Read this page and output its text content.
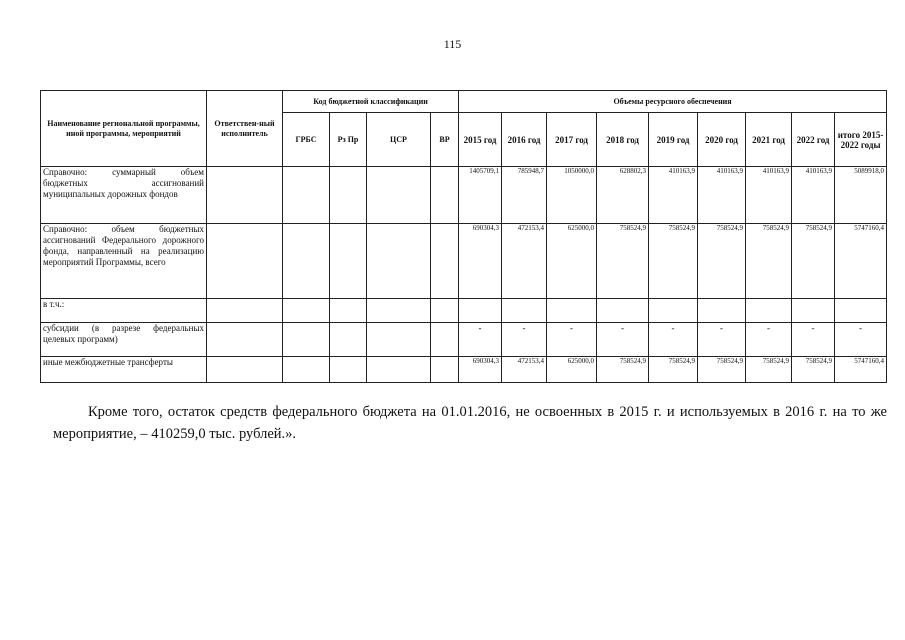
115
Наименование региональной программы, иной программы, мероприятий	Ответствен-ный исполнитель	Код бюджетной классификации				Объемы ресурсного обеспечения								
		ГРБС	Рз Пр	ЦСР	ВР	2015 год	2016 год	2017 год	2018 год	2019 год	2020 год	2021 год	2022 год	итого 2015-2022 годы
Справочно: суммарный объем бюджетных ассигнований муниципальных дорожных фондов						1405709,1	785948,7	1050000,0	628802,3	410163,9	410163,9	410163,9	410163,9	5089918,0
Справочно: объем бюджетных ассигнований Федерального дорожного фонда, направленный на реализацию мероприятий Программы, всего						690304,3	472153,4	625000,0	758524,9	758524,9	758524,9	758524,9	758524,9	5747160,4
в т.ч.:														
субсидии (в разрезе федеральных целевых программ)						-	-	-	-	-	-	-	-	-
иные межбюджетные трансферты						690304,3	472153,4	625000,0	758524,9	758524,9	758524,9	758524,9	758524,9	5747160,4
Кроме того, остаток средств федерального бюджета на 01.01.2016, не освоенных в 2015 г. и используемых в 2016 г. на то же мероприятие, – 410259,0 тыс. рублей.».
